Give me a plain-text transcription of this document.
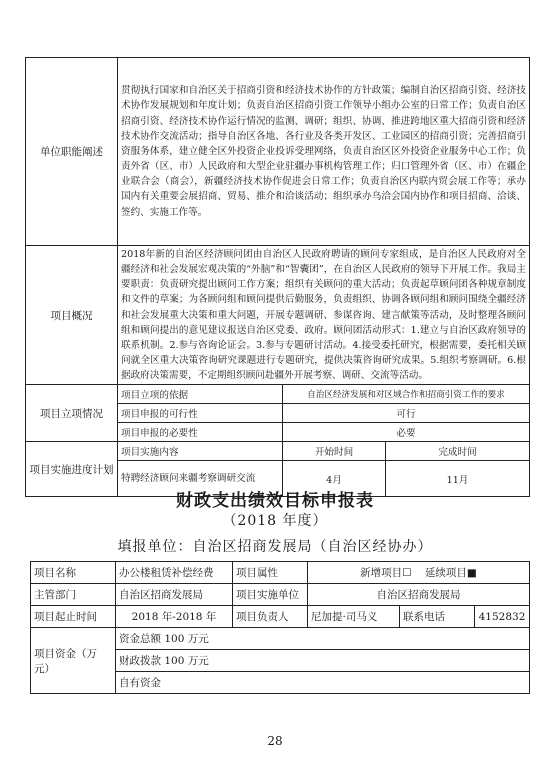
单位职能阐述	贯彻执行国家和自治区关于招商引资和经济技术协作的方针政策；编制自治区招商引资、经济技术协作发展规划和年度计划；负责自治区招商引资工作领导小组办公室的日常工作；负责自治区招商引资、经济技术协作运行情况的监测、调研；组织、协调、推进跨地区重大招商引资和经济技术协作交流活动；指导自治区各地、各行业及各类开发区、工业园区的招商引资；完善招商引资服务体系，建立健全区外投资企业投诉受理网络，负责自治区区外投资企业服务中心工作；负责外省（区、市）人民政府和大型企业驻疆办事机构管理工作；归口管理外省（区、市）在疆企业联合会（商会），新疆经济技术协作促进会日常工作；负责自治区内联内贸会展工作等；承办国内有关重要会展招商、贸易、推介和洽谈活动；组织承办乌洽会国内协作和项目招商、洽谈、签约、实施工作等。		
项目概况	2018年新的自治区经济顾问团由自治区人民政府聘请的顾问专家组成，是自治区人民政府对全疆经济和社会发展宏观决策的“外脑”和“智囊团”，在自治区人民政府的领导下开展工作。我局主要职责：负责研究提出顾问工作方案；组织有关顾问的重大活动；负责起草顾问团各种规章制度和文件的草案；为各顾问组和顾问提供后勤服务，负责组织、协调各顾问组和顾问围绕全疆经济和社会发展重大决策和重大问题，开展专题调研、参谋咨询、建言献策等活动，及时整理各顾问组和顾问提出的意见建议报送自治区党委、政府。顾问团活动形式：1.建立与自治区政府领导的联系机制。2.参与咨询论证会。3.参与专题研讨活动。4.接受委托研究，根据需要，委托相关顾问就全区重大决策咨询研究课题进行专题研究，提供决策咨询研究成果。5.组织考察调研。6.根据政府决策需要，不定期组织顾问赴疆外开展考察、调研、交流等活动。		
项目立项情况	项目立项的依据	自治区经济发展和对区域合作和招商引资工作的要求	
	项目申报的可行性	可行	
	项目申报的必要性	必要	
项目实施进度计划	项目实施内容	开始时间	完成时间
	特聘经济顾问来疆考察调研交流	4月	11月
财政支出绩效目标申报表
（2018 年度）
填报单位：自治区招商发展局（自治区经协办）
项目名称	办公楼租赁补偿经费	项目属性	新增项目☐ 延续项目■		
主管部门	自治区招商发展局	项目实施单位	自治区招商发展局		
项目起止时间	2018 年-2018 年	项目负责人	尼加提·司马义	联系电话	4152832
项目资金（万元）	资金总额 100 万元				
	财政拨款 100 万元				
	自有资金				
28
